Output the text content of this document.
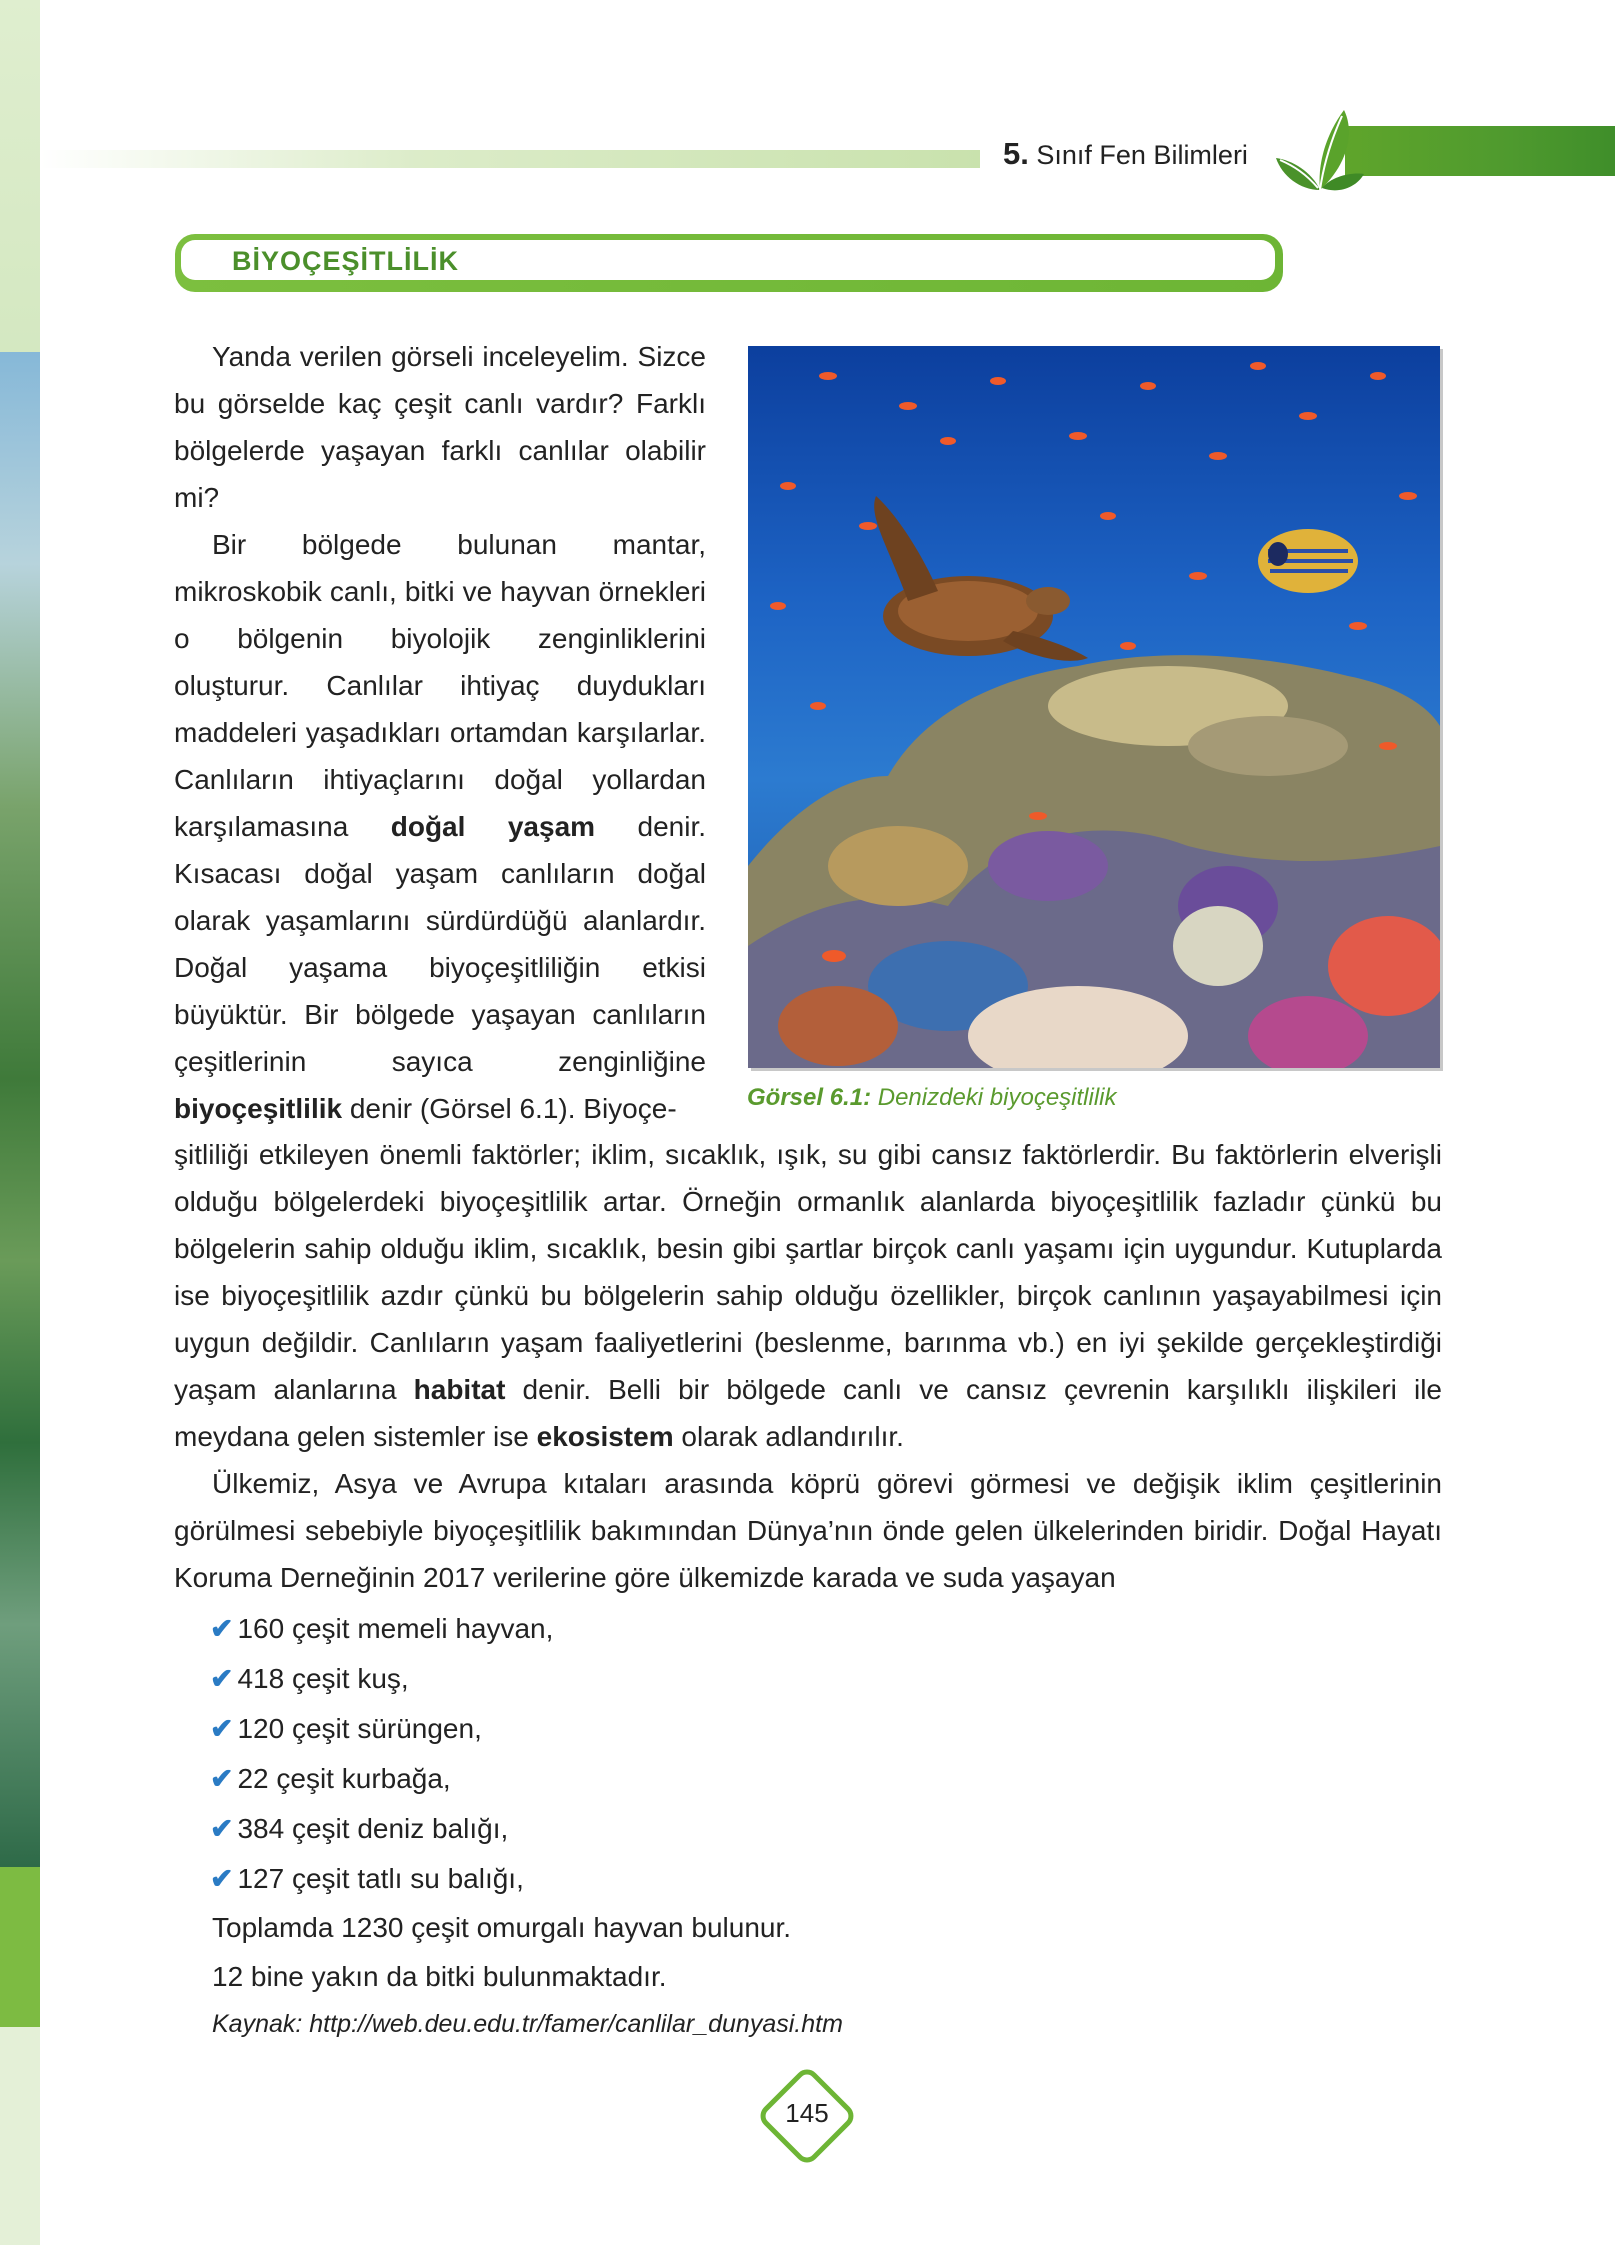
5. Sınıf Fen Bilimleri
BİYOÇEŞİTLİLİK
Görsel 6.1: Denizdeki biyoçeşitlilik
Yanda verilen görseli inceleyelim. Sizce bu görselde kaç çeşit canlı vardır? Farklı bölgelerde yaşayan farklı canlılar olabilir mi?
Bir bölgede bulunan mantar, mikroskobik canlı, bitki ve hayvan örnekleri o bölgenin biyolojik zenginliklerini oluşturur. Canlılar ihtiyaç duydukları maddeleri yaşadıkları ortamdan karşılarlar. Canlıların ihtiyaçlarını doğal yollardan karşılamasına doğal yaşam denir. Kısacası doğal yaşam canlıların doğal olarak yaşamlarını sürdürdüğü alanlardır. Doğal yaşama biyoçeşitliliğin etkisi büyüktür. Bir bölgede yaşayan canlıların çeşitlerinin sayıca zenginliğine biyoçeşitlilik denir (Görsel 6.1). Biyoçe-
şitliliği etkileyen önemli faktörler; iklim, sıcaklık, ışık, su gibi cansız faktörlerdir. Bu faktörlerin elverişli olduğu bölgelerdeki biyoçeşitlilik artar. Örneğin ormanlık alanlarda biyoçeşitlilik fazladır çünkü bu bölgelerin sahip olduğu iklim, sıcaklık, besin gibi şartlar birçok canlı yaşamı için uygundur. Kutuplarda ise biyoçeşitlilik azdır çünkü bu bölgelerin sahip olduğu özellikler, birçok canlının yaşayabilmesi için uygun değildir. Canlıların yaşam faaliyetlerini (beslenme, barınma vb.) en iyi şekilde gerçekleştirdiği yaşam alanlarına habitat denir. Belli bir bölgede canlı ve cansız çevrenin karşılıklı ilişkileri ile meydana gelen sistemler ise ekosistem olarak adlandırılır.
Ülkemiz, Asya ve Avrupa kıtaları arasında köprü görevi görmesi ve değişik iklim çeşitlerinin görülmesi sebebiyle biyoçeşitlilik bakımından Dünya’nın önde gelen ülkelerinden biridir. Doğal Hayatı Koruma Derneğinin 2017 verilerine göre ülkemizde karada ve suda yaşayan
✔ 160 çeşit memeli hayvan,
✔ 418 çeşit kuş,
✔ 120 çeşit sürüngen,
✔ 22 çeşit kurbağa,
✔ 384 çeşit deniz balığı,
✔ 127 çeşit tatlı su balığı,
Toplamda 1230 çeşit omurgalı hayvan bulunur.
12 bine yakın da bitki bulunmaktadır.
Kaynak: http://web.deu.edu.tr/famer/canlilar_dunyasi.htm
145
